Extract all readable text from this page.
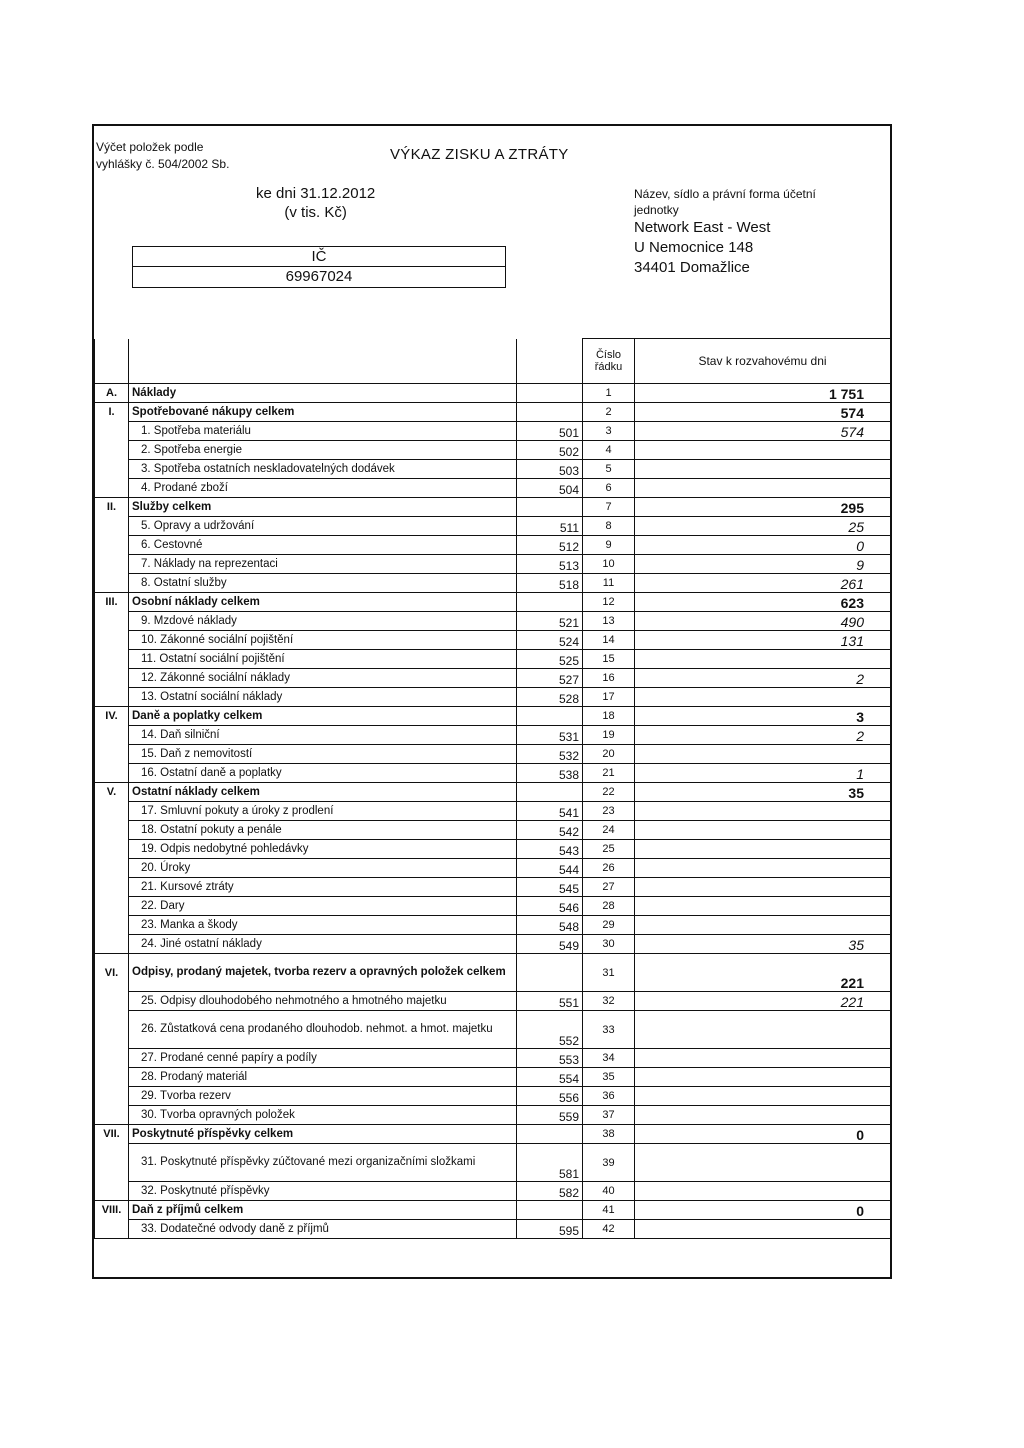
Výčet položek podle
vyhlášky č. 504/2002 Sb.
VÝKAZ ZISKU A ZTRÁTY
ke dni 31.12.2012
(v tis. Kč)
IČ
69967024
Název, sídlo a právní forma účetní
jednotky
Network East - West
U Nemocnice 148
34401 Domažlice

			Číslo
řádku	Stav k rozvahovému dni
A.	Náklady		1	1 751
I.	Spotřebované nákupy celkem		2	574
	1. Spotřeba materiálu	501	3	574
	2. Spotřeba energie	502	4	
	3. Spotřeba ostatních neskladovatelných dodávek	503	5	
	4. Prodané zboží	504	6	
II.	Služby celkem		7	295
	5. Opravy a udržování	511	8	25
	6. Cestovné	512	9	0
	7. Náklady na reprezentaci	513	10	9
	8. Ostatní služby	518	11	261
III.	Osobní náklady celkem		12	623
	9. Mzdové náklady	521	13	490
	10. Zákonné sociální pojištění	524	14	131
	11. Ostatní sociální pojištění	525	15	
	12. Zákonné sociální náklady	527	16	2
	13. Ostatní sociální náklady	528	17	
IV.	Daně a poplatky celkem		18	3
	14. Daň silniční	531	19	2
	15. Daň z nemovitostí	532	20	
	16. Ostatní daně a poplatky	538	21	1
V.	Ostatní náklady celkem		22	35
	17. Smluvní pokuty a úroky z prodlení	541	23	
	18. Ostatní pokuty a penále	542	24	
	19. Odpis nedobytné pohledávky	543	25	
	20. Úroky	544	26	
	21. Kursové ztráty	545	27	
	22. Dary	546	28	
	23. Manka a škody	548	29	
	24. Jiné ostatní náklady	549	30	35
VI.	Odpisy, prodaný majetek, tvorba rezerv a opravných položek celkem		31	221
	25. Odpisy dlouhodobého nehmotného a hmotného majetku	551	32	221
	26. Zůstatková cena prodaného dlouhodob. nehmot. a hmot. majetku	552	33	
	27. Prodané cenné papíry a podíly	553	34	
	28. Prodaný materiál	554	35	
	29. Tvorba rezerv	556	36	
	30. Tvorba opravných položek	559	37	
VII.	Poskytnuté příspěvky celkem		38	0
	31. Poskytnuté příspěvky zúčtované mezi organizačními složkami	581	39	
	32. Poskytnuté příspěvky	582	40	
VIII.	Daň z příjmů celkem		41	0
	33. Dodatečné odvody daně z příjmů	595	42	
